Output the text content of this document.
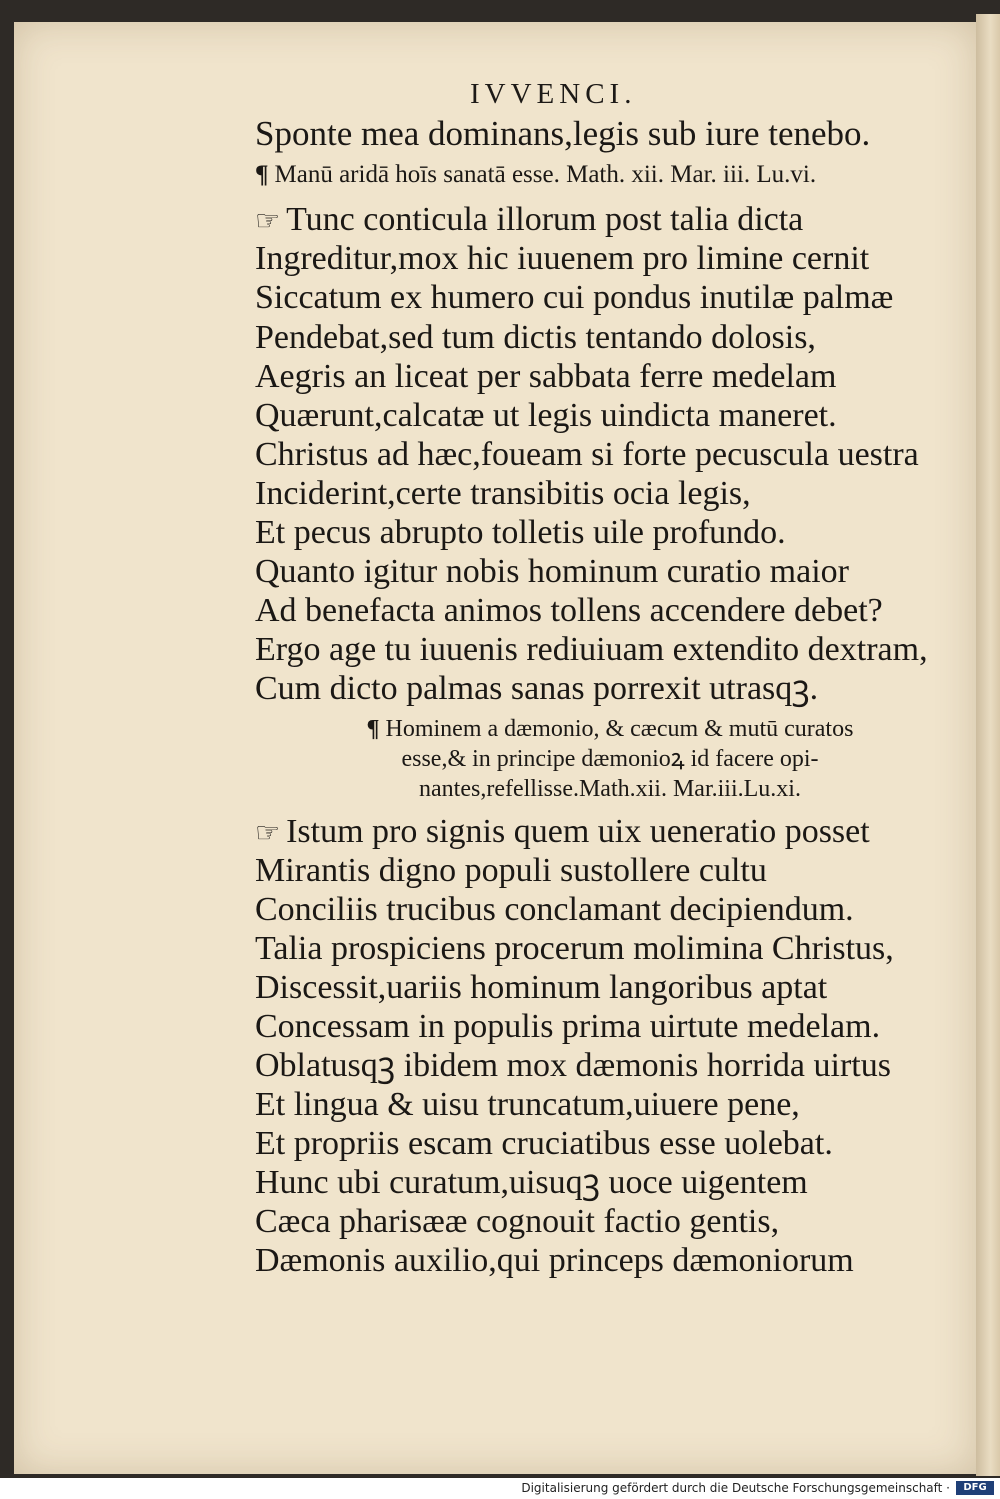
IVVENCI.
Sponte mea dominans,legis sub iure tenebo.
¶ Manū aridā hoīs sanatā esse. Math. xii. Mar. iii. Lu.vi.
☞ Tunc conticula illorum post talia dicta
Ingreditur,mox hic iuuenem pro limine cernit
Siccatum ex humero cui pondus inutilæ palmæ
Pendebat,sed tum dictis tentando dolosis,
Aegris an liceat per sabbata ferre medelam
Quærunt,calcatæ ut legis uindicta maneret.
Christus ad hæc,foueam si forte pecuscula uestra
Inciderint,certe transibitis ocia legis,
Et pecus abrupto tolletis uile profundo.
Quanto igitur nobis hominum curatio maior
Ad benefacta animos tollens accendere debet?
Ergo age tu iuuenis rediuiuam extendito dextram,
Cum dicto palmas sanas porrexit utrasqꝫ.
¶ Hominem a dæmonio, & cæcum & mutū curatos
esse,& in principe dæmonioꝝ id facere opi-
nantes,refellisse.Math.xii. Mar.iii.Lu.xi.
☞ Istum pro signis quem uix ueneratio posset
Mirantis digno populi sustollere cultu
Conciliis trucibus conclamant decipiendum.
Talia prospiciens procerum molimina Christus,
Discessit,uariis hominum langoribus aptat
Concessam in populis prima uirtute medelam.
Oblatusqꝫ ibidem mox dæmonis horrida uirtus
Et lingua & uisu truncatum,uiuere pene,
Et propriis escam cruciatibus esse uolebat.
Hunc ubi curatum,uisuqꝫ uoce uigentem
Cæca pharisææ cognouit factio gentis,
Dæmonis auxilio,qui princeps dæmoniorum
Digitalisierung gefördert durch die Deutsche Forschungsgemeinschaft ·	DFG
